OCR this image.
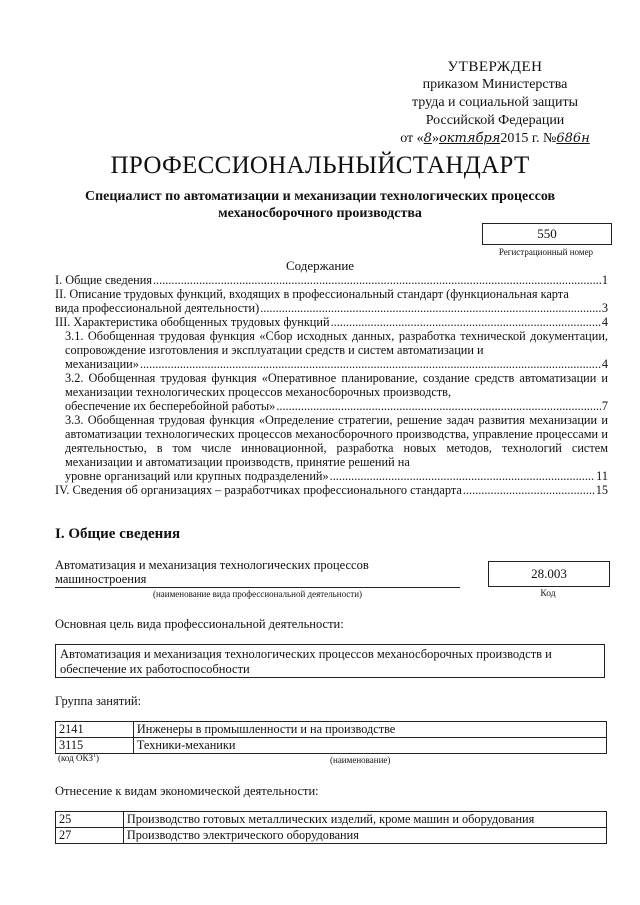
УТВЕРЖДЕН
приказом Министерства
труда и социальной защиты
Российской Федерации
от «8»октября2015 г. №686н
ПРОФЕССИОНАЛЬНЫЙСТАНДАРТ
Специалист по автоматизации и механизации технологических процессов механосборочного производства
550
Регистрационный номер
Содержание
I. Общие сведения .....	1
II. Описание трудовых функций, входящих в профессиональный стандарт (функциональная карта
вида профессиональной деятельности) .....	3
III. Характеристика обобщенных трудовых функций .....	4
3.1. Обобщенная трудовая функция «Сбор исходных данных, разработка технической документации, сопровождение изготовления и эксплуатации средств и систем автоматизации и
механизации» .....	4
3.2. Обобщенная трудовая функция «Оперативное планирование, создание средств автоматизации и механизации технологических процессов механосборочных производств,
обеспечение их бесперебойной работы» .....	7
3.3. Обобщенная трудовая функция «Определение стратегии, решение задач развития механизации и автоматизации технологических процессов механосборочного производства, управление процессами и деятельностью, в том числе инновационной, разработка новых методов, технологий систем механизации и автоматизации производств, принятие решений на
уровне организаций или крупных подразделений» .....	11
IV. Сведения об организациях – разработчиках профессионального стандарта .....	15
I. Общие сведения
Автоматизация и механизация технологических процессов машиностроения
(наименование вида профессиональной деятельности)
28.003
Код
Основная цель вида профессиональной деятельности:
Автоматизация и механизация технологических процессов механосборочных производств и обеспечение их работоспособности
Группа занятий:
2141	Инженеры в промышленности и на производстве
3115	Техники-механики
(код ОКЗ$^1$)	(наименование)
Отнесение к видам экономической деятельности:
25	Производство готовых металлических изделий, кроме машин и оборудования
27	Производство электрического оборудования
